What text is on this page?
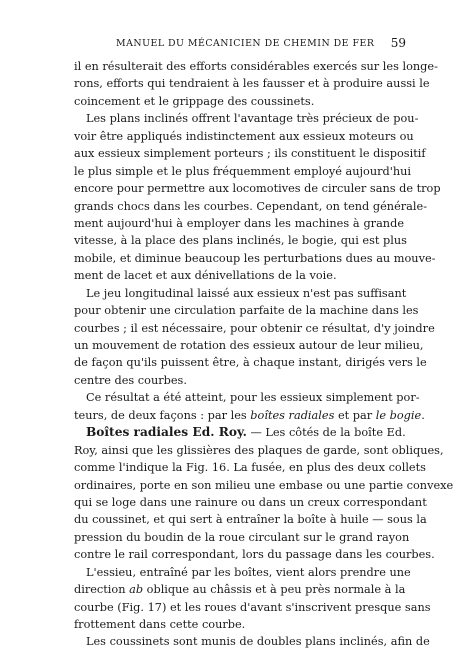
MANUEL DU MÉCANICIEN DE CHEMIN DE FER 59
il en résulterait des efforts considérables exercés sur les longe-
rons, efforts qui tendraient à les fausser et à produire aussi le
coincement et le grippage des coussinets.
Les plans inclinés offrent l'avantage très précieux de pou-
voir être appliqués indistinctement aux essieux moteurs ou
aux essieux simplement porteurs ; ils constituent le dispositif
le plus simple et le plus fréquemment employé aujourd'hui
encore pour permettre aux locomotives de circuler sans de trop
grands chocs dans les courbes. Cependant, on tend générale-
ment aujourd'hui à employer dans les machines à grande
vitesse, à la place des plans inclinés, le bogie, qui est plus
mobile, et diminue beaucoup les perturbations dues au mouve-
ment de lacet et aux dénivellations de la voie.
Le jeu longitudinal laissé aux essieux n'est pas suffisant
pour obtenir une circulation parfaite de la machine dans les
courbes ; il est nécessaire, pour obtenir ce résultat, d'y joindre
un mouvement de rotation des essieux autour de leur milieu,
de façon qu'ils puissent être, à chaque instant, dirigés vers le
centre des courbes.
Ce résultat a été atteint, pour les essieux simplement por-
teurs, de deux façons : par les boîtes radiales et par le bogie.
Boîtes radiales Ed. Roy. — Les côtés de la boîte Ed.
Roy, ainsi que les glissières des plaques de garde, sont obliques,
comme l'indique la Fig. 16. La fusée, en plus des deux collets
ordinaires, porte en son milieu une embase ou une partie convexe
qui se loge dans une rainure ou dans un creux correspondant
du coussinet, et qui sert à entraîner la boîte à huile — sous la
pression du boudin de la roue circulant sur le grand rayon
contre le rail correspondant, lors du passage dans les courbes.
L'essieu, entraîné par les boîtes, vient alors prendre une
direction ab oblique au châssis et à peu près normale à la
courbe (Fig. 17) et les roues d'avant s'inscrivent presque sans
frottement dans cette courbe.
Les coussinets sont munis de doubles plans inclinés, afin de
